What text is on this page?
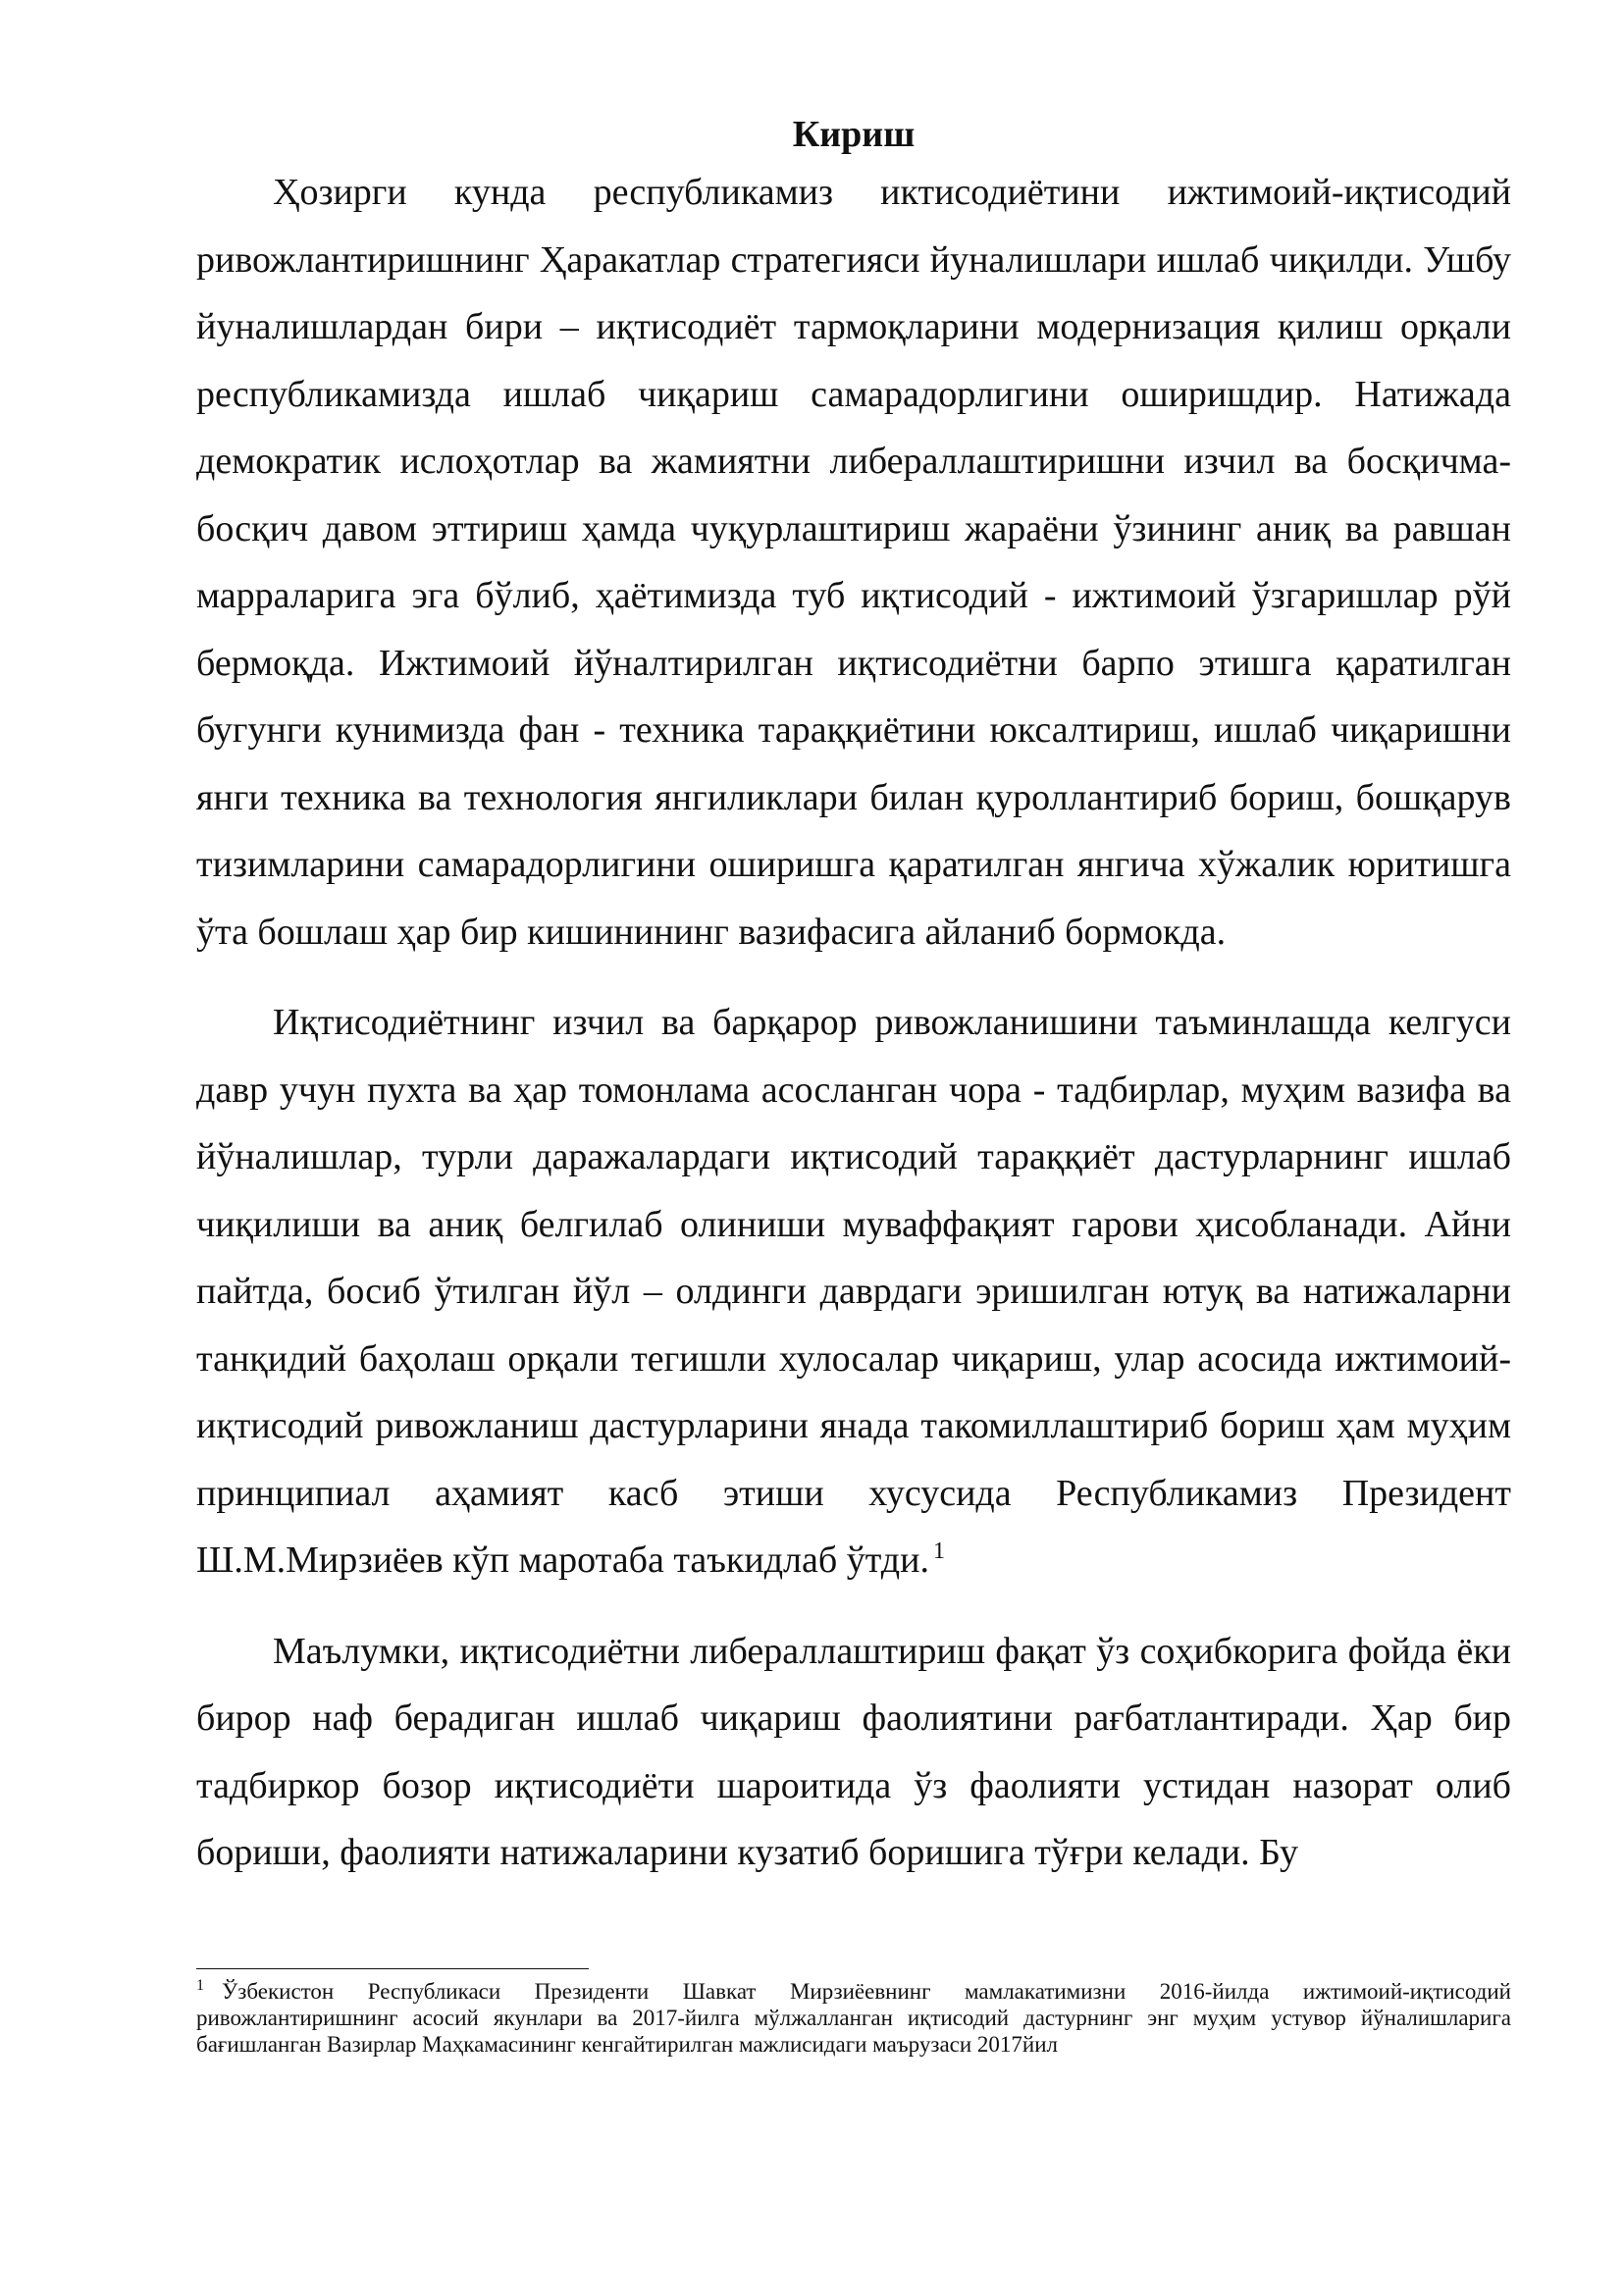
Кириш

Ҳозирги кунда республикамиз иктисодиётини ижтимоий-иқтисодий ривожлантиришнинг Ҳаракатлар стратегияси йуналишлари ишлаб чиқилди. Ушбу йуналишлардан бири – иқтисодиёт тармоқларини модернизация қилиш орқали республикамизда ишлаб чиқариш самарадорлигини оширишдир. Натижада демократик ислоҳотлар ва жамиятни либераллаштиришни изчил ва босқичма-босқич давом эттириш ҳамда чуқурлаштириш жараёни ўзининг аниқ ва равшан марраларига эга бўлиб, ҳаётимизда туб иқтисодий - ижтимоий ўзгаришлар рўй бермоқда. Ижтимоий йўналтирилган иқтисодиётни барпо этишга қаратилган бугунги кунимизда фан - техника тараққиётини юксалтириш, ишлаб чиқаришни янги техника ва технология янгиликлари билан қуроллантириб бориш, бошқарув тизимларини самарадорлигини оширишга қаратилган янгича хўжалик юритишга ўта бошлаш ҳар бир кишинининг вазифасига айланиб бормокда.

Иқтисодиётнинг изчил ва барқарор ривожланишини таъминлашда келгуси давр учун пухта ва ҳар томонлама асосланган чора - тадбирлар, муҳим вазифа ва йўналишлар, турли даражалардаги иқтисодий тараққиёт дастурларнинг ишлаб чиқилиши ва аниқ белгилаб олиниши муваффақият гарови ҳисобланади. Айни пайтда, босиб ўтилган йўл – олдинги даврдаги эришилган ютуқ ва натижаларни танқидий баҳолаш орқали тегишли хулосалар чиқариш, улар асосида ижтимоий-иқтисодий ривожланиш дастурларини янада такомиллаштириб бориш ҳам муҳим принципиал аҳамият касб этиши хусусида Республикамиз Президент Ш.М.Мирзиёев кўп маротаба таъкидлаб ўтди. $^1$

Маълумки, иқтисодиётни либераллаштириш фақат ўз соҳибкорига фойда ёки бирор наф берадиган ишлаб чиқариш фаолиятини рағбатлантиради. Ҳар бир тадбиркор бозор иқтисодиёти шароитида ўз фаолияти устидан назорат олиб бориши, фаолияти натижаларини кузатиб боришига тўғри келади. Бу

$^1$ Ўзбекистон Республикаси Президенти Шавкат Мирзиёевнинг мамлакатимизни 2016-йилда ижтимоий-иқтисодий ривожлантиришнинг асосий якунлари ва 2017-йилга мўлжалланган иқтисодий дастурнинг энг муҳим устувор йўналишларига бағишланган Вазирлар Маҳкамасининг кенгайтирилган мажлисидаги маърузаси 2017йил
